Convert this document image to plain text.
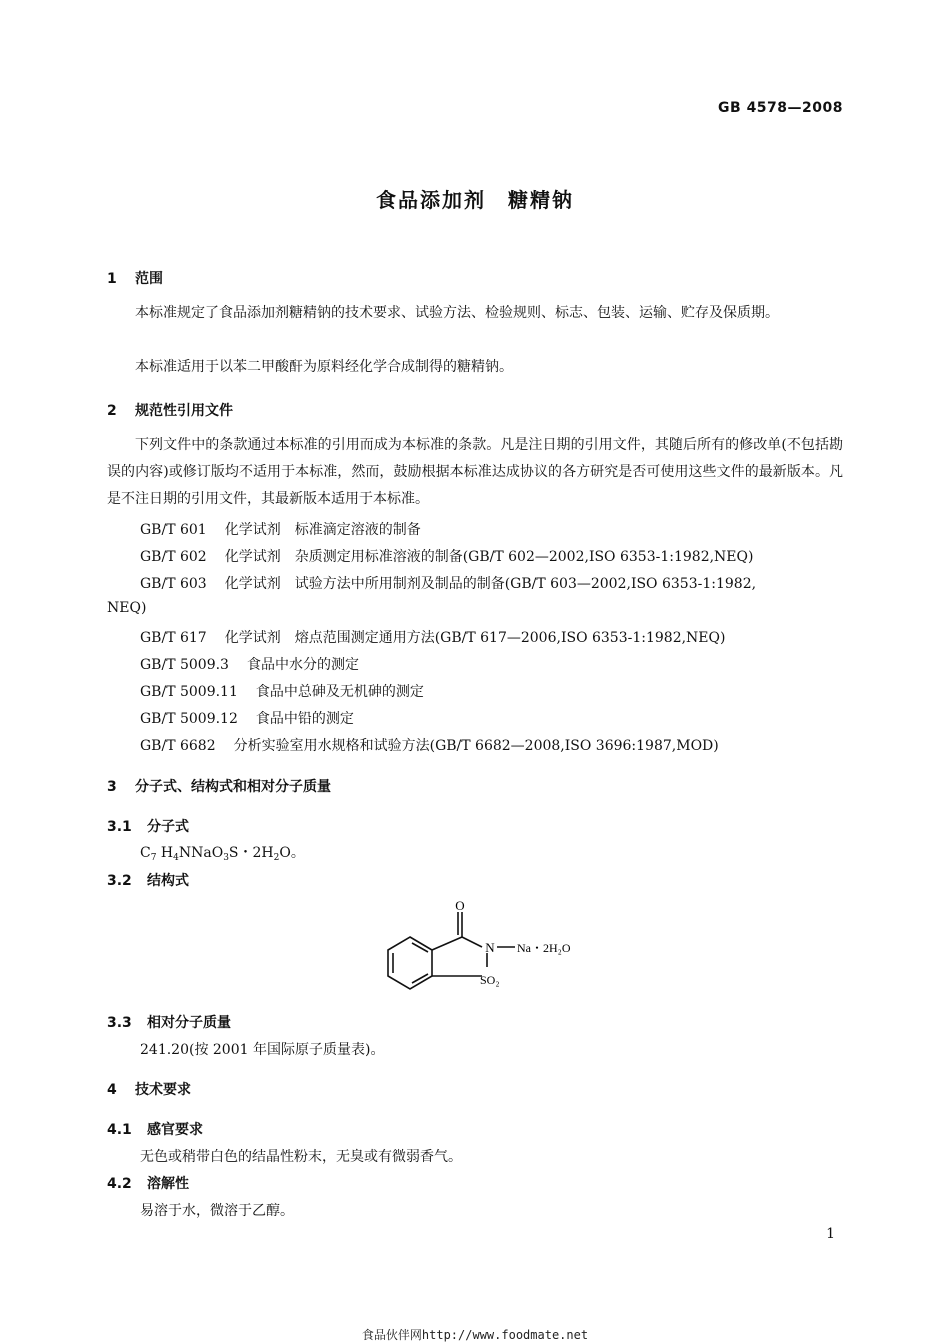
GB 4578—2008
食品添加剂　糖精钠
1 范围
本标准规定了食品添加剂糖精钠的技术要求、试验方法、检验规则、标志、包装、运输、贮存及保质期。
本标准适用于以苯二甲酸酐为原料经化学合成制得的糖精钠。
2 规范性引用文件
下列文件中的条款通过本标准的引用而成为本标准的条款。凡是注日期的引用文件，其随后所有的修改单(不包括勘误的内容)或修订版均不适用于本标准，然而，鼓励根据本标准达成协议的各方研究是否可使用这些文件的最新版本。凡是不注日期的引用文件，其最新版本适用于本标准。
GB/T 601 化学试剂　标准滴定溶液的制备
GB/T 602 化学试剂　杂质测定用标准溶液的制备(GB/T 602—2002,ISO 6353-1:1982,NEQ)
GB/T 603 化学试剂　试验方法中所用制剂及制品的制备(GB/T 603—2002,ISO 6353-1:1982,
NEQ)
GB/T 617 化学试剂　熔点范围测定通用方法(GB/T 617—2006,ISO 6353-1:1982,NEQ)
GB/T 5009.3 食品中水分的测定
GB/T 5009.11 食品中总砷及无机砷的测定
GB/T 5009.12 食品中铅的测定
GB/T 6682 分析实验室用水规格和试验方法(GB/T 6682—2008,ISO 3696:1987,MOD)
3 分子式、结构式和相对分子质量
3.1 分子式
$C_7$ $H_4NNaO_3S$・$2H_2O$。
3.2 结构式
O
N Na・2H₂O
SO₂
3.3 相对分子质量
241.20(按 2001 年国际原子质量表)。
4 技术要求
4.1 感官要求
无色或稍带白色的结晶性粉末，无臭或有微弱香气。
4.2 溶解性
易溶于水，微溶于乙醇。
1
食品伙伴网http://www.foodmate.net
